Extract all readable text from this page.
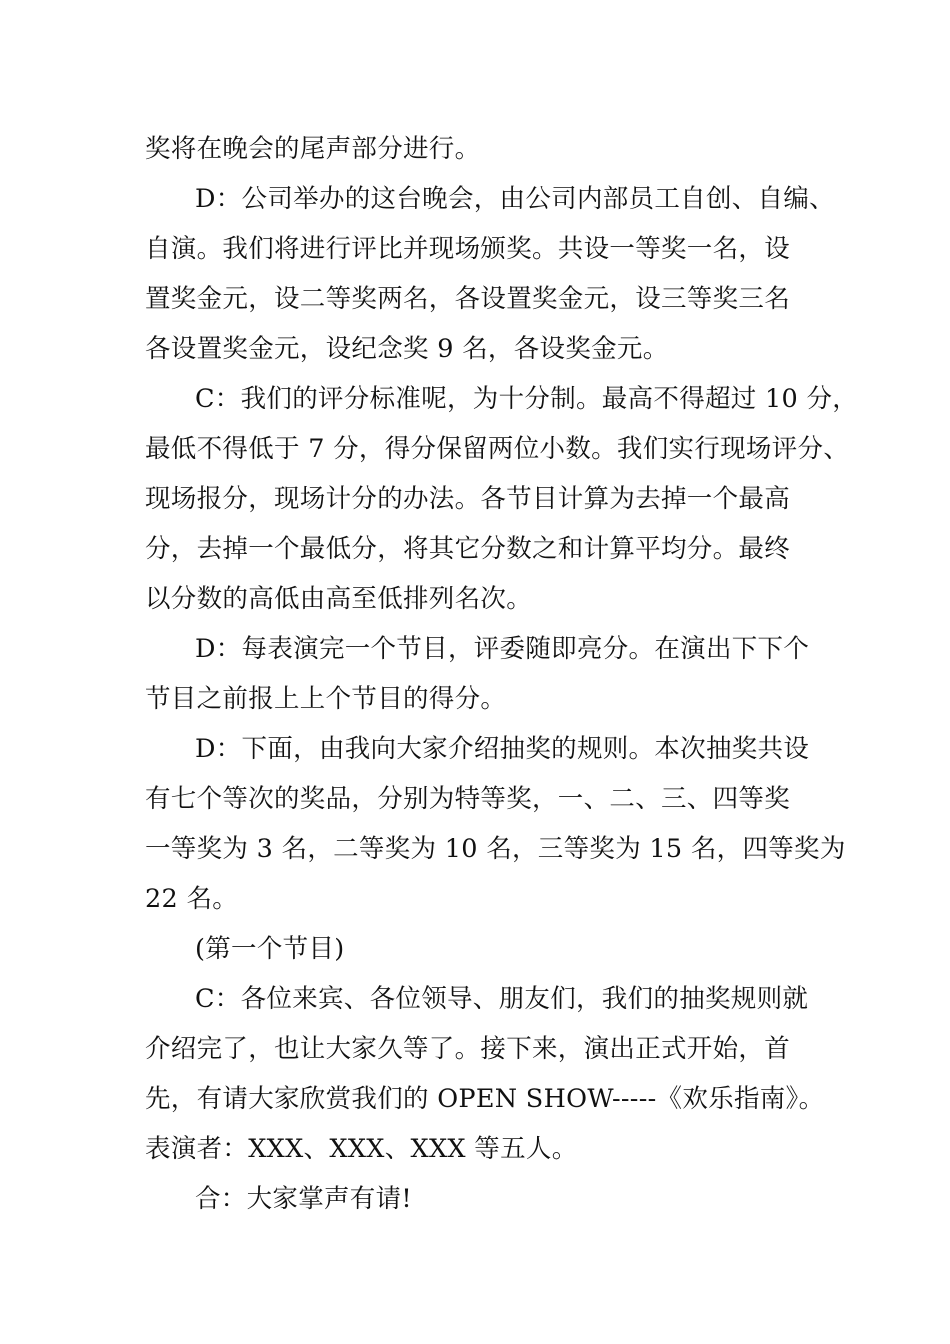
奖将在晚会的尾声部分进行。
D：公司举办的这台晚会，由公司内部员工自创、自编、
自演。我们将进行评比并现场颁奖。共设一等奖一名，设
置奖金元，设二等奖两名，各设置奖金元，设三等奖三名
各设置奖金元，设纪念奖 9 名，各设奖金元。
C：我们的评分标准呢，为十分制。最高不得超过 10 分，
最低不得低于 7 分，得分保留两位小数。我们实行现场评分、
现场报分，现场计分的办法。各节目计算为去掉一个最高
分，去掉一个最低分，将其它分数之和计算平均分。最终
以分数的高低由高至低排列名次。
D：每表演完一个节目，评委随即亮分。在演出下下个
节目之前报上上个节目的得分。
D：下面，由我向大家介绍抽奖的规则。本次抽奖共设
有七个等次的奖品，分别为特等奖，一、二、三、四等奖
一等奖为 3 名，二等奖为 10 名，三等奖为 15 名，四等奖为
22 名。
(第一个节目)
C：各位来宾、各位领导、朋友们，我们的抽奖规则就
介绍完了，也让大家久等了。接下来，演出正式开始，首
先，有请大家欣赏我们的 OPEN SHOW-----《欢乐指南》。
表演者：XXX、XXX、XXX 等五人。
合：大家掌声有请!
